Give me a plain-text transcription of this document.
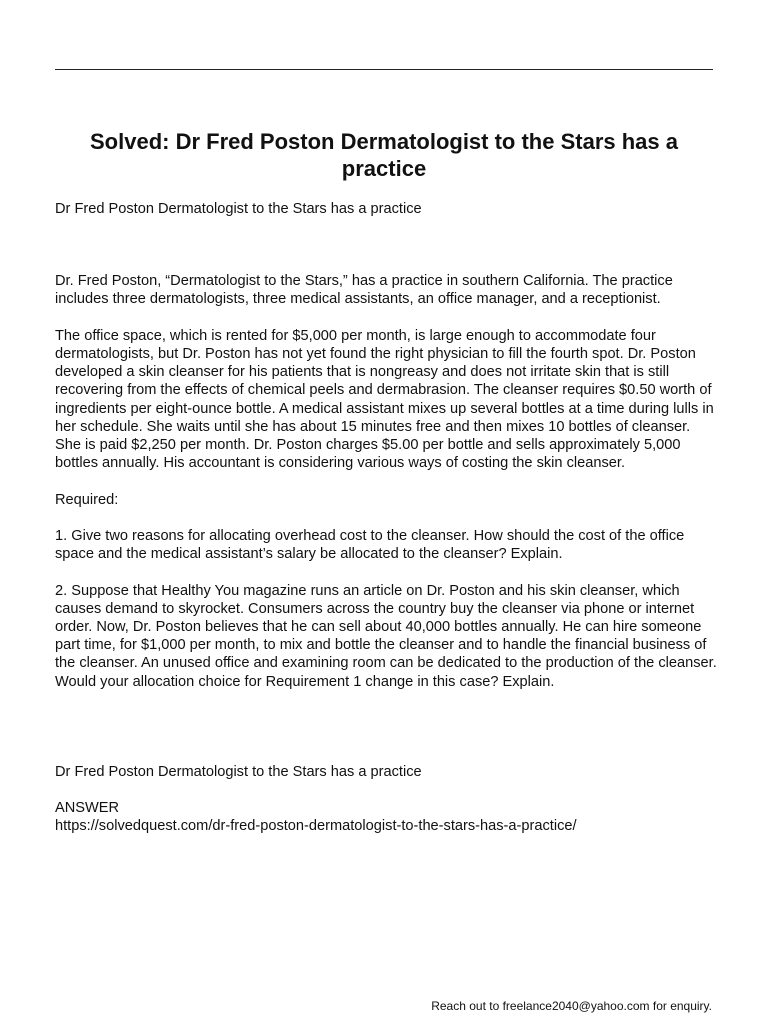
Solved: Dr Fred Poston Dermatologist to the Stars has a practice

Dr Fred Poston Dermatologist to the Stars has a practice

Dr. Fred Poston, “Dermatologist to the Stars,” has a practice in southern California. The practice includes three dermatologists, three medical assistants, an office manager, and a receptionist.

The office space, which is rented for $5,000 per month, is large enough to accommodate four dermatologists, but Dr. Poston has not yet found the right physician to fill the fourth spot. Dr. Poston developed a skin cleanser for his patients that is nongreasy and does not irritate skin that is still recovering from the effects of chemical peels and dermabrasion. The cleanser requires $0.50 worth of ingredients per eight-ounce bottle. A medical assistant mixes up several bottles at a time during lulls in her schedule. She waits until she has about 15 minutes free and then mixes 10 bottles of cleanser. She is paid $2,250 per month. Dr. Poston charges $5.00 per bottle and sells approximately 5,000 bottles annually. His accountant is considering various ways of costing the skin cleanser.

Required:

1. Give two reasons for allocating overhead cost to the cleanser. How should the cost of the office space and the medical assistant’s salary be allocated to the cleanser? Explain.

2. Suppose that Healthy You magazine runs an article on Dr. Poston and his skin cleanser, which causes demand to skyrocket. Consumers across the country buy the cleanser via phone or internet order. Now, Dr. Poston believes that he can sell about 40,000 bottles annually. He can hire someone part time, for $1,000 per month, to mix and bottle the cleanser and to handle the financial business of the cleanser. An unused office and examining room can be dedicated to the production of the cleanser. Would your allocation choice for Requirement 1 change in this case? Explain.

Dr Fred Poston Dermatologist to the Stars has a practice

ANSWER

https://solvedquest.com/dr-fred-poston-dermatologist-to-the-stars-has-a-practice/

Reach out to freelance2040@yahoo.com for enquiry.
